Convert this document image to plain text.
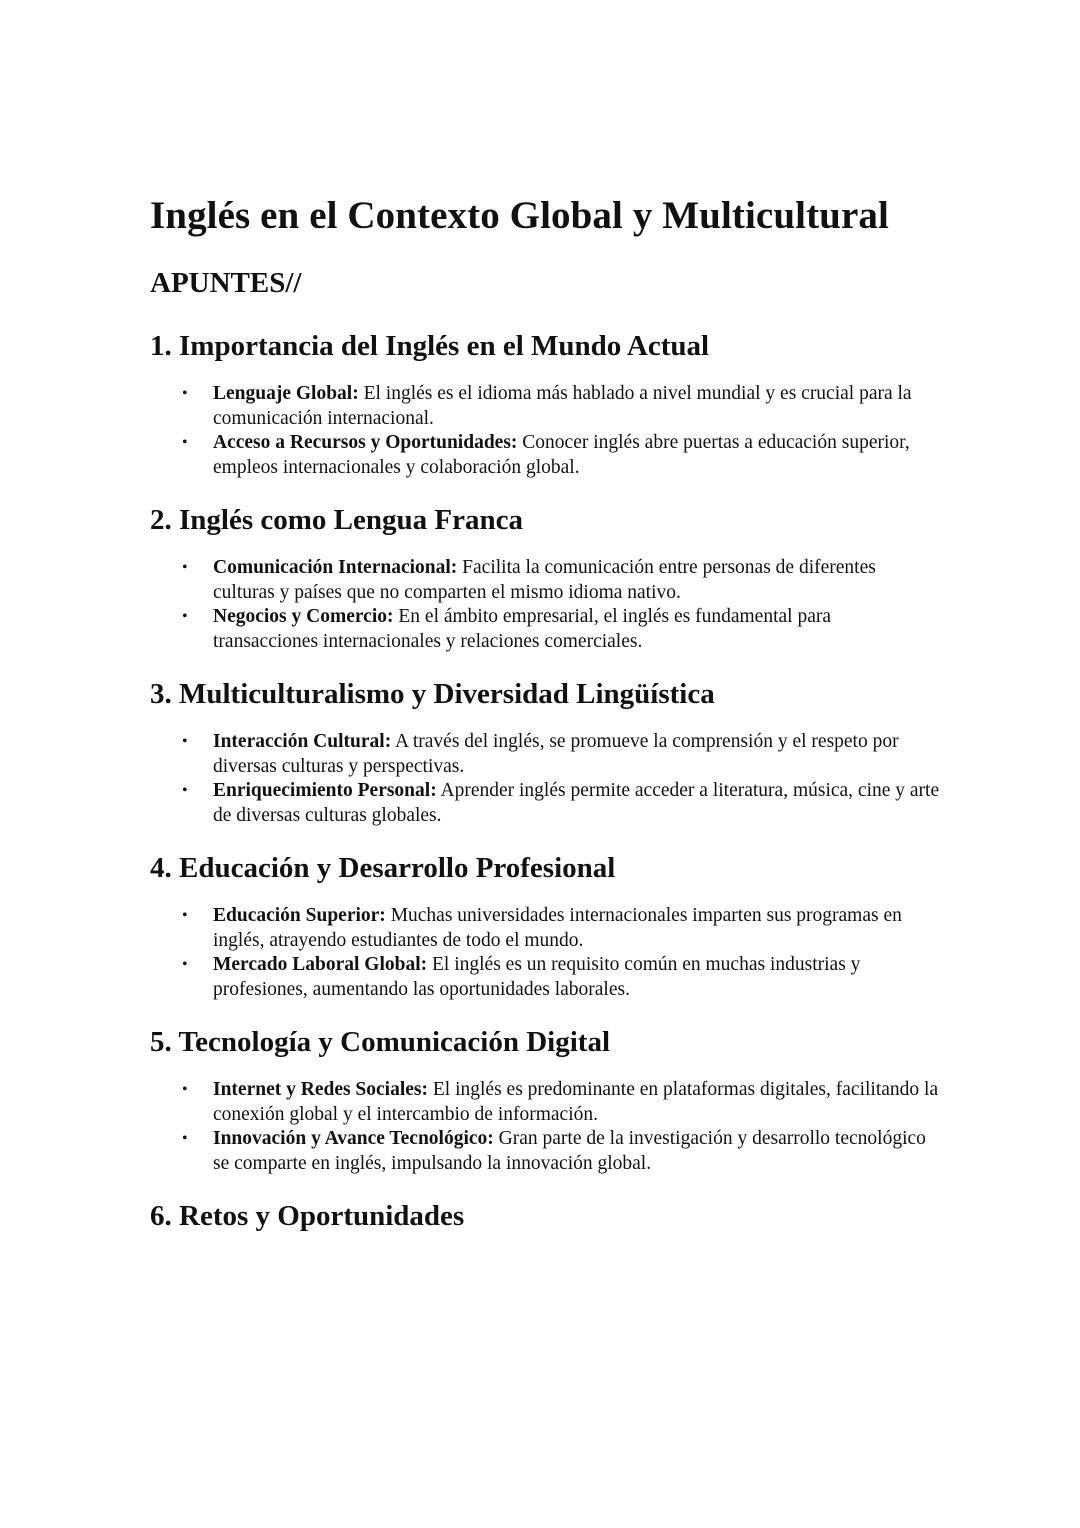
Inglés en el Contexto Global y Multicultural
APUNTES//
1. Importancia del Inglés en el Mundo Actual
• Lenguaje Global: El inglés es el idioma más hablado a nivel mundial y es crucial para la comunicación internacional.
• Acceso a Recursos y Oportunidades: Conocer inglés abre puertas a educación superior, empleos internacionales y colaboración global.
2. Inglés como Lengua Franca
• Comunicación Internacional: Facilita la comunicación entre personas de diferentes culturas y países que no comparten el mismo idioma nativo.
• Negocios y Comercio: En el ámbito empresarial, el inglés es fundamental para transacciones internacionales y relaciones comerciales.
3. Multiculturalismo y Diversidad Lingüística
• Interacción Cultural: A través del inglés, se promueve la comprensión y el respeto por diversas culturas y perspectivas.
• Enriquecimiento Personal: Aprender inglés permite acceder a literatura, música, cine y arte de diversas culturas globales.
4. Educación y Desarrollo Profesional
• Educación Superior: Muchas universidades internacionales imparten sus programas en inglés, atrayendo estudiantes de todo el mundo.
• Mercado Laboral Global: El inglés es un requisito común en muchas industrias y profesiones, aumentando las oportunidades laborales.
5. Tecnología y Comunicación Digital
• Internet y Redes Sociales: El inglés es predominante en plataformas digitales, facilitando la conexión global y el intercambio de información.
• Innovación y Avance Tecnológico: Gran parte de la investigación y desarrollo tecnológico se comparte en inglés, impulsando la innovación global.
6. Retos y Oportunidades
